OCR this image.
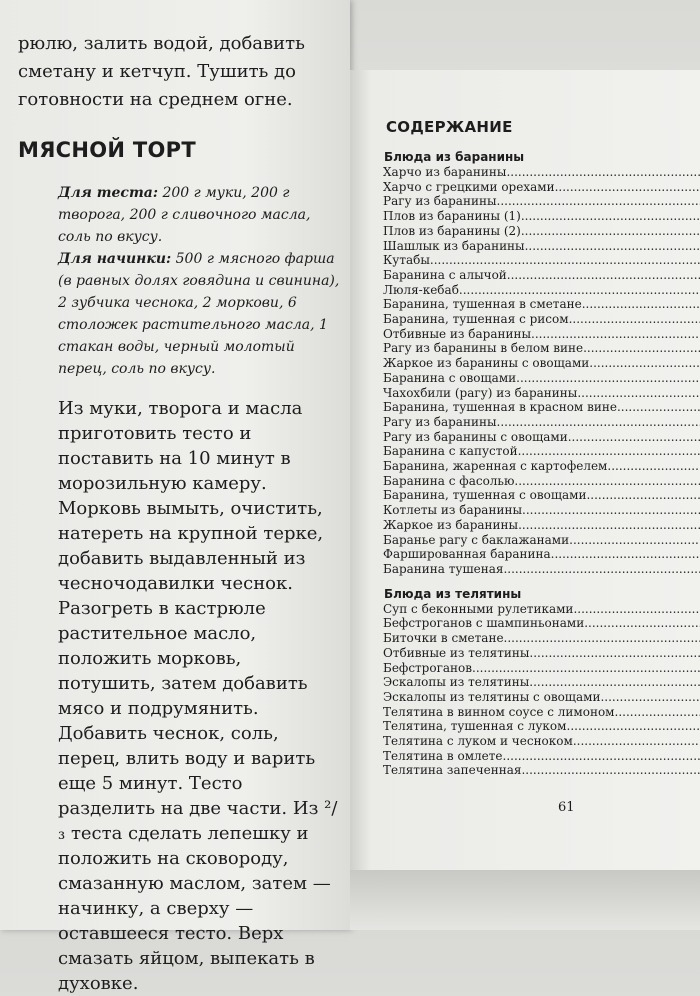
рюлю, залить водой, добавить сметану и кетчуп. Тушить до готовности на среднем огне.

МЯСНОЙ ТОРТ

Для теста: 200 г муки, 200 г творога, 200 г сливочного масла, соль по вкусу.
Для начинки: 500 г мясного фарша (в равных долях говядина и свинина), 2 зубчика чеснока, 2 моркови, 6 столожек растительного масла, 1 стакан воды, черный молотый перец, соль по вкусу.

Из муки, творога и масла приготовить тесто и поставить на 10 минут в морозильную камеру. Морковь вымыть, очистить, натереть на крупной терке, добавить выдавленный из чесночодавилки чеснок. Разогреть в кастрюле растительное масло, положить морковь, потушить, затем добавить мясо и подрумянить. Добавить чеснок, соль, перец, влить воду и варить еще 5 минут. Тесто разделить на две части. Из ²/₃ теста сделать лепешку и положить на сковороду, смазанную маслом, затем — начинку, а сверху — оставшееся тесто. Верх смазать яйцом, выпекать в духовке.

СОДЕРЖАНИЕ
Блюда из баранины
Харчо из баранины
.....
Харчо с грецкими орехами
.....
Рагу из баранины
.....
Плов из баранины (1)
.....
Плов из баранины (2)
.....
Шашлык из баранины
.....
Кутабы
.....
Баранина с алычой
.....
Люля-кебаб
.....
Баранина, тушенная в сметане
.....
Баранина, тушенная с рисом
.....
Отбивные из баранины
.....
Рагу из баранины в белом вине
.....
Жаркое из баранины с овощами
.....
Баранина с овощами
.....
Чахохбили (рагу) из баранины
.....
Баранина, тушенная в красном вине
.....
Рагу из баранины
.....
Рагу из баранины с овощами
.....
Баранина с капустой
.....
Баранина, жаренная с картофелем
.....
Баранина с фасолью
.....
Баранина, тушенная с овощами
.....
Котлеты из баранины
.....
Жаркое из баранины
.....
Баранье рагу с баклажанами
.....
Фаршированная баранина
.....
Баранина тушеная
.....
Блюда из телятины
Суп с беконными рулетиками
.....
Бефстроганов с шампиньонами
.....
Биточки в сметане
.....
Отбивные из телятины
.....
Бефстроганов
.....
Эскалопы из телятины
.....
Эскалопы из телятины с овощами
.....
Телятина в винном соусе с лимоном
.....
Телятина, тушенная с луком
.....
Телятина с луком и чесноком
.....
Телятина в омлете
.....
Телятина запеченная
.....
61
